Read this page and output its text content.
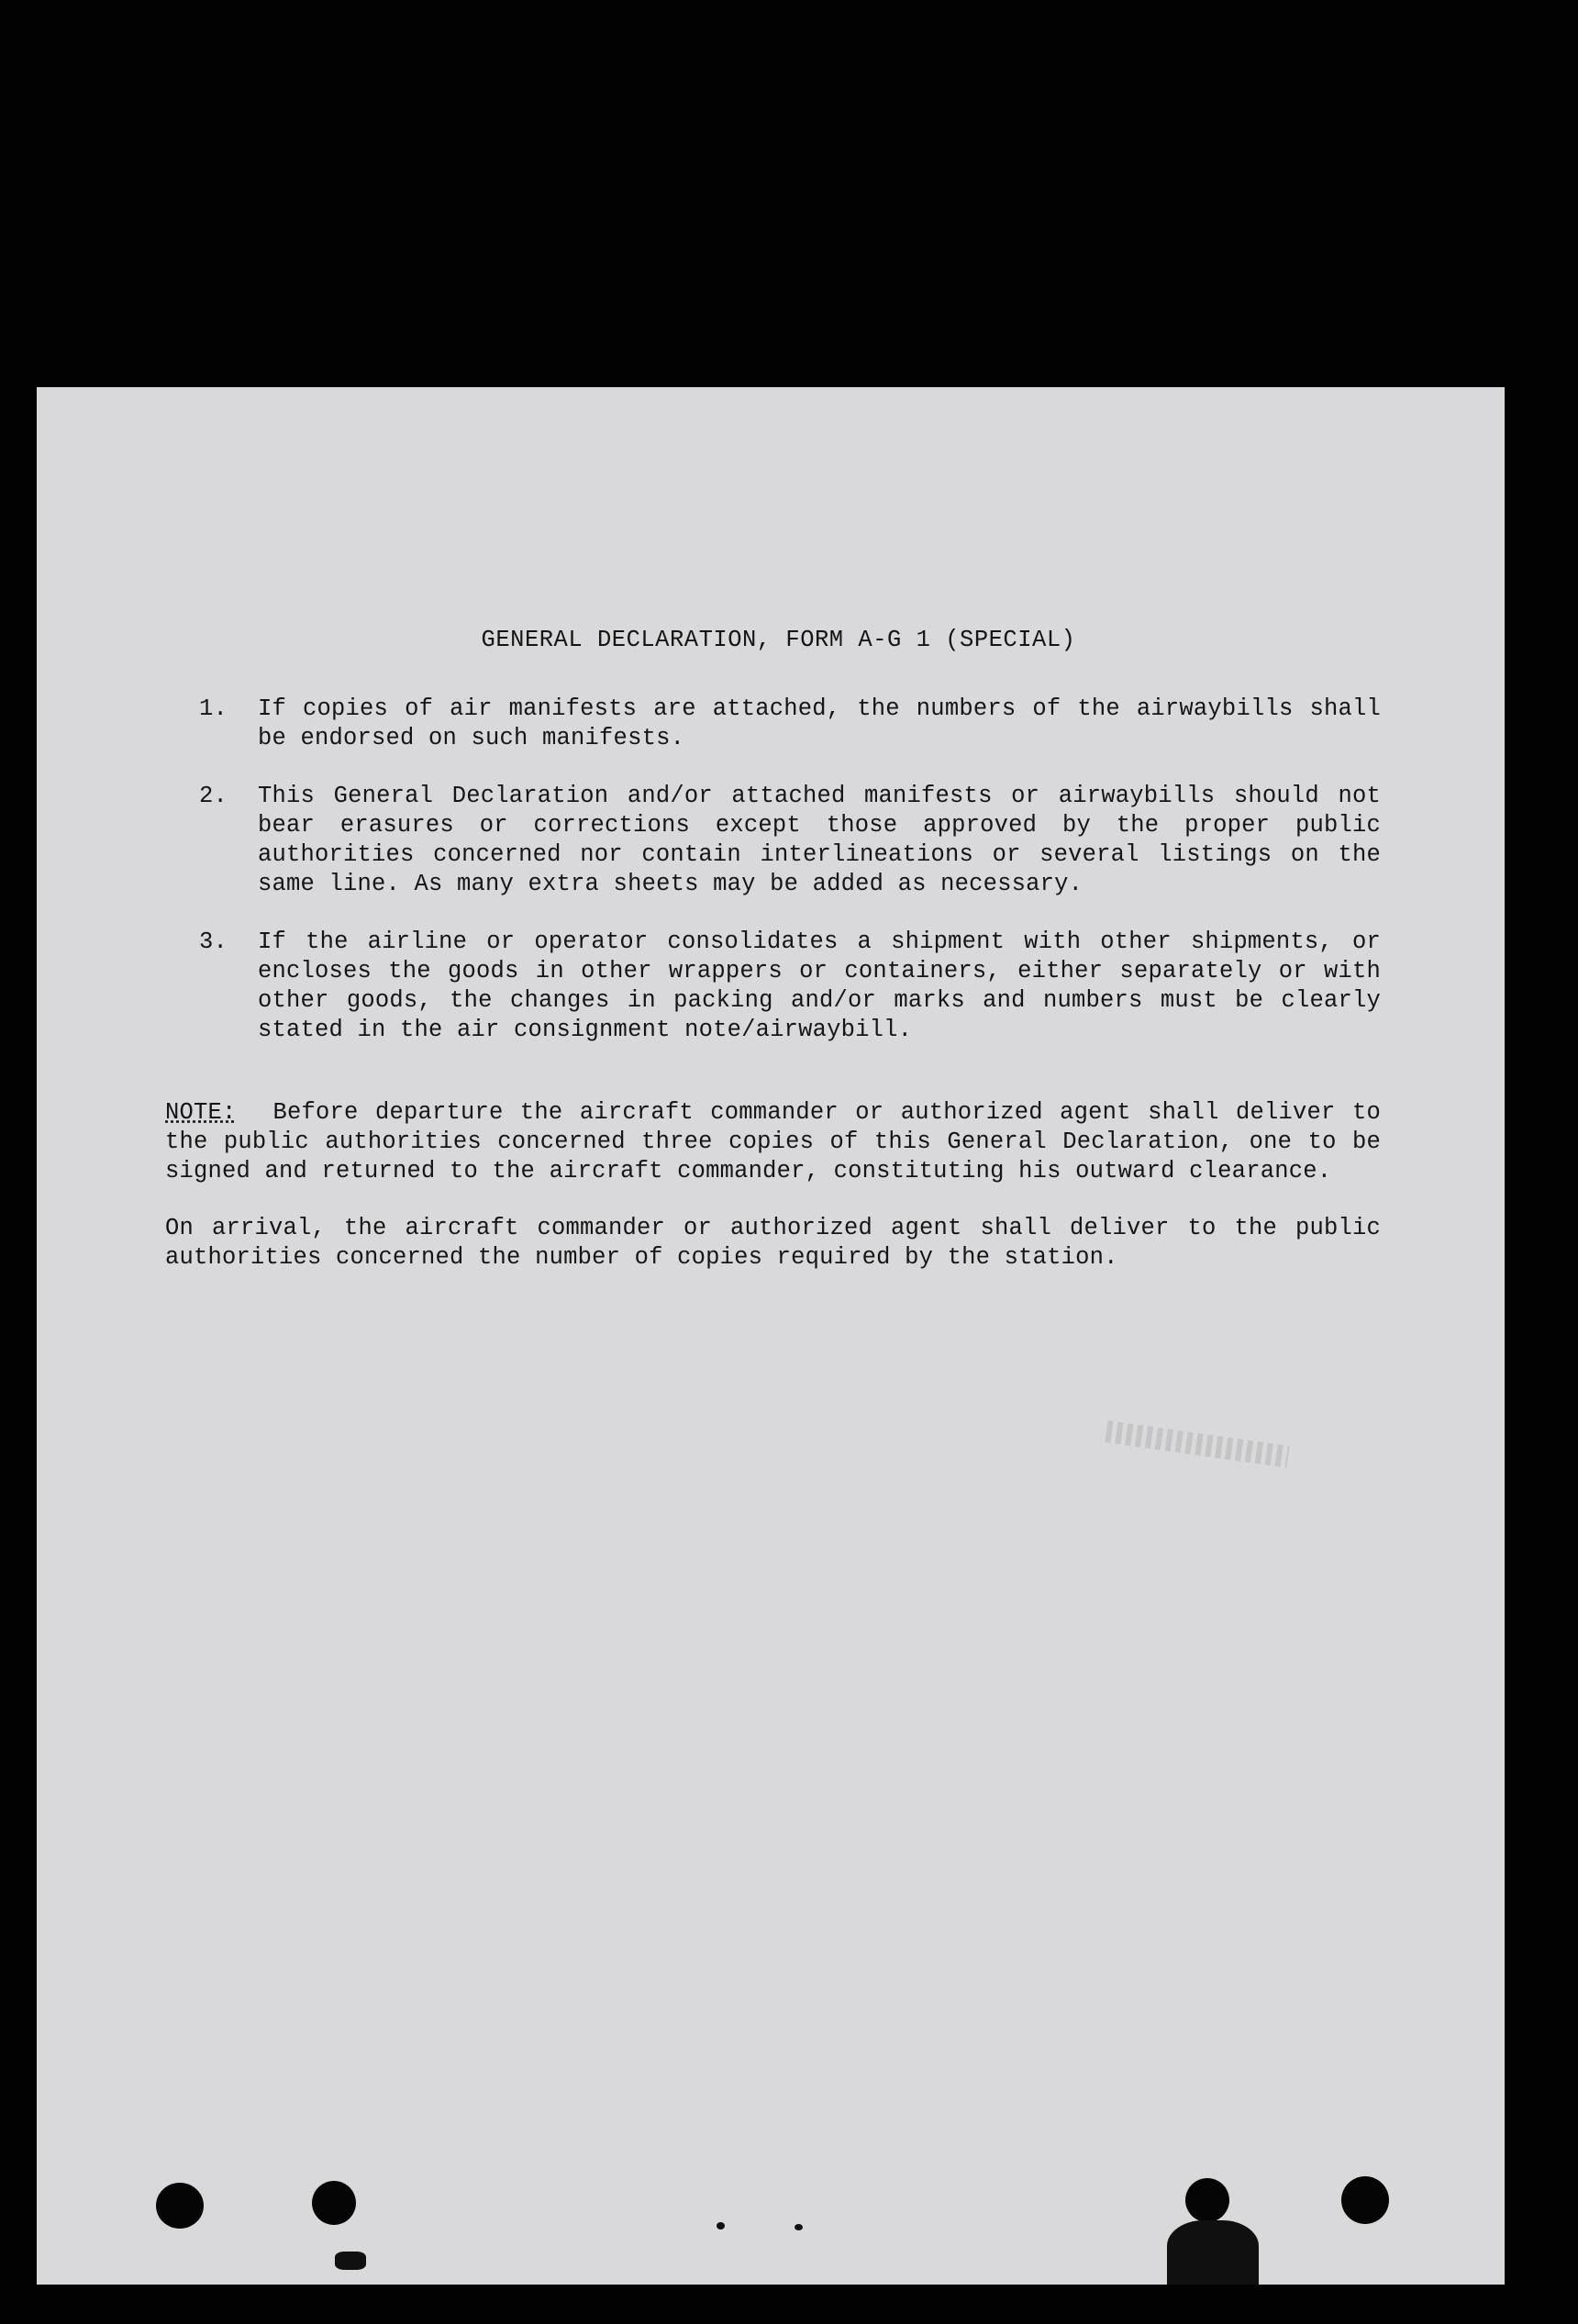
GENERAL DECLARATION, FORM A-G 1 (SPECIAL)
1.	If copies of air manifests are attached, the numbers of the airwaybills shall be endorsed on such manifests.
2.	This General Declaration and/or attached manifests or airwaybills should not bear erasures or corrections except those approved by the proper public authorities concerned nor contain interlineations or several listings on the same line. As many extra sheets may be added as necessary.
3.	If the airline or operator consolidates a shipment with other shipments, or encloses the goods in other wrappers or containers, either separately or with other goods, the changes in packing and/or marks and numbers must be clearly stated in the air consignment note/airwaybill.
NOTE: Before departure the aircraft commander or authorized agent shall deliver to the public authorities concerned three copies of this General Declaration, one to be signed and returned to the aircraft commander, constituting his outward clearance.
On arrival, the aircraft commander or authorized agent shall deliver to the public authorities concerned the number of copies required by the station.
